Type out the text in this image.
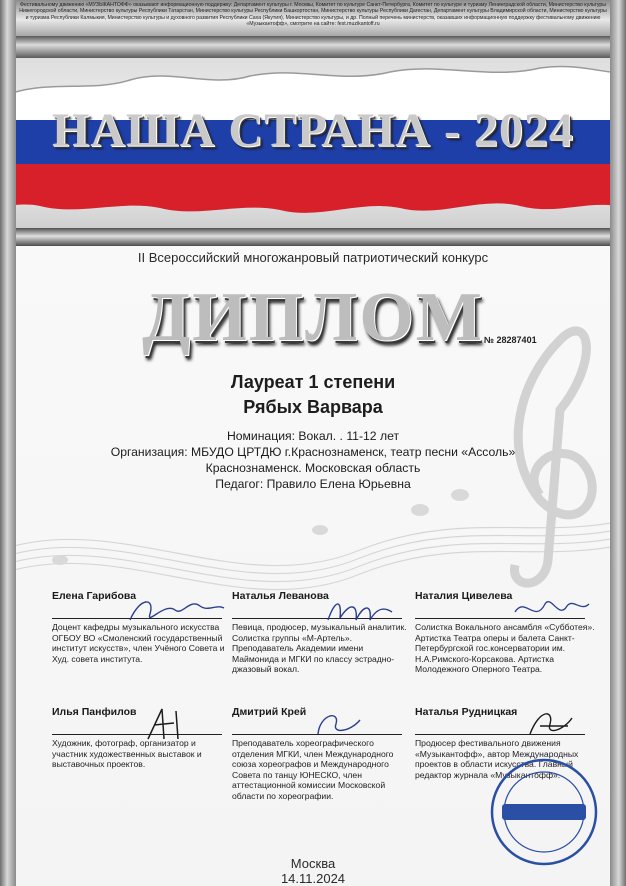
Фестивальному движению «МУЗЫКАНТОФФ» оказывают информационную поддержку: Департамент культуры г. Москвы, Комитет по культуре Санкт-Петербурга, Комитет по культуре и туризму Ленинградской области, Министерство культуры Нижегородской области, Министерство культуры Республики Татарстан, Министерство культуры Республики Башкортостан, Министерство культуры Республики Дагестан, Департамент культуры Владимирской области, Министерство культуры и туризма Республики Калмыкия, Министерство культуры и духовного развития Республики Саха (Якутия), Министерство культуры, и др. Полный перечень министерств, оказавших информационную поддержку фестивальному движению «Музыкантофф», смотрите на сайте: fest.muzikantoff.ru
НАША СТРАНА - 2024
II Всероссийский многожанровый патриотический конкурс
ДИПЛОМ № 28287401
Лауреат 1 степени
Рябых Варвара
Номинация: Вокал. . 11-12 лет
Организация: МБУДО ЦРТДЮ г.Краснознаменск, театр песни «Ассоль»
Краснознаменск. Московская область
Педагог: Правило Елена Юрьевна
Елена Гарибова
Доцент кафедры музыкального искусства ОГБОУ ВО «Смоленский государственный институт искусств», член Учёного Совета и Худ. совета института.
Наталья Леванова
Певица, продюсер, музыкальный аналитик. Солистка группы «М-Артель». Преподаватель Академии имени Маймонида и МГКИ по классу эстрадно-джазовый вокал.
Наталия Цивелева
Солистка Вокального ансамбля «Субботея». Артистка Театра оперы и балета Санкт-Петербургской гос.консерватории им. Н.А.Римского-Корсакова. Артистка Молодежного Оперного Театра.
Илья Панфилов
Художник, фотограф, организатор и участник художественных выставок и выставочных проектов.
Дмитрий Крей
Преподаватель хореографического отделения МГКИ, член Международного союза хореографов и Международного Совета по танцу ЮНЕСКО, член аттестационной комиссии Московской области по хореографии.
Наталья Рудницкая
Продюсер фестивального движения «Музыкантофф», автор Международных проектов в области искусства. Главный редактор журнала «Музыкантофф».
Москва
14.11.2024
